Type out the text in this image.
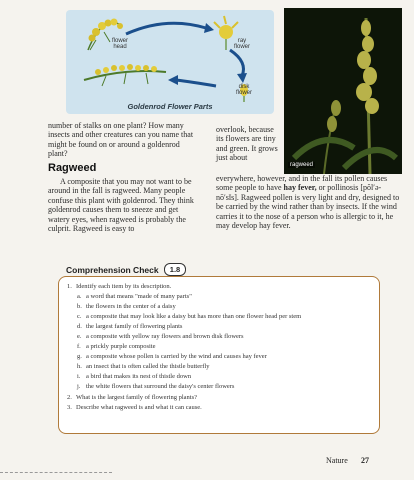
flower head
ray flower
disk flower
Goldenrod Flower Parts
ragweed
number of stalks on one plant? How many insects and other creatures can you name that might be found on or around a goldenrod plant?
Ragweed
A composite that you may not want to be around in the fall is ragweed. Many people confuse this plant with goldenrod. They think goldenrod causes them to sneeze and get watery eyes, when ragweed is probably the culprit. Ragweed is easy to
overlook, because its flowers are tiny and green. It grows just about
everywhere, however, and in the fall its pollen causes some people to have hay fever, or pollinosis [pŏl′ə-nō′sĭs]. Ragweed pollen is very light and dry, designed to be carried by the wind rather than by insects. If the wind carries it to the nose of a person who is allergic to it, he may develop hay fever.
Comprehension Check	1.8
1. Identify each item by its description.
a. a word that means "made of many parts"
b. the flowers in the center of a daisy
c. a composite that may look like a daisy but has more than one flower head per stem
d. the largest family of flowering plants
e. a composite with yellow ray flowers and brown disk flowers
f. a prickly purple composite
g. a composite whose pollen is carried by the wind and causes hay fever
h. an insect that is often called the thistle butterfly
i. a bird that makes its nest of thistle down
j. the white flowers that surround the daisy's center flowers
2. What is the largest family of flowering plants?
3. Describe what ragweed is and what it can cause.
Nature 27
